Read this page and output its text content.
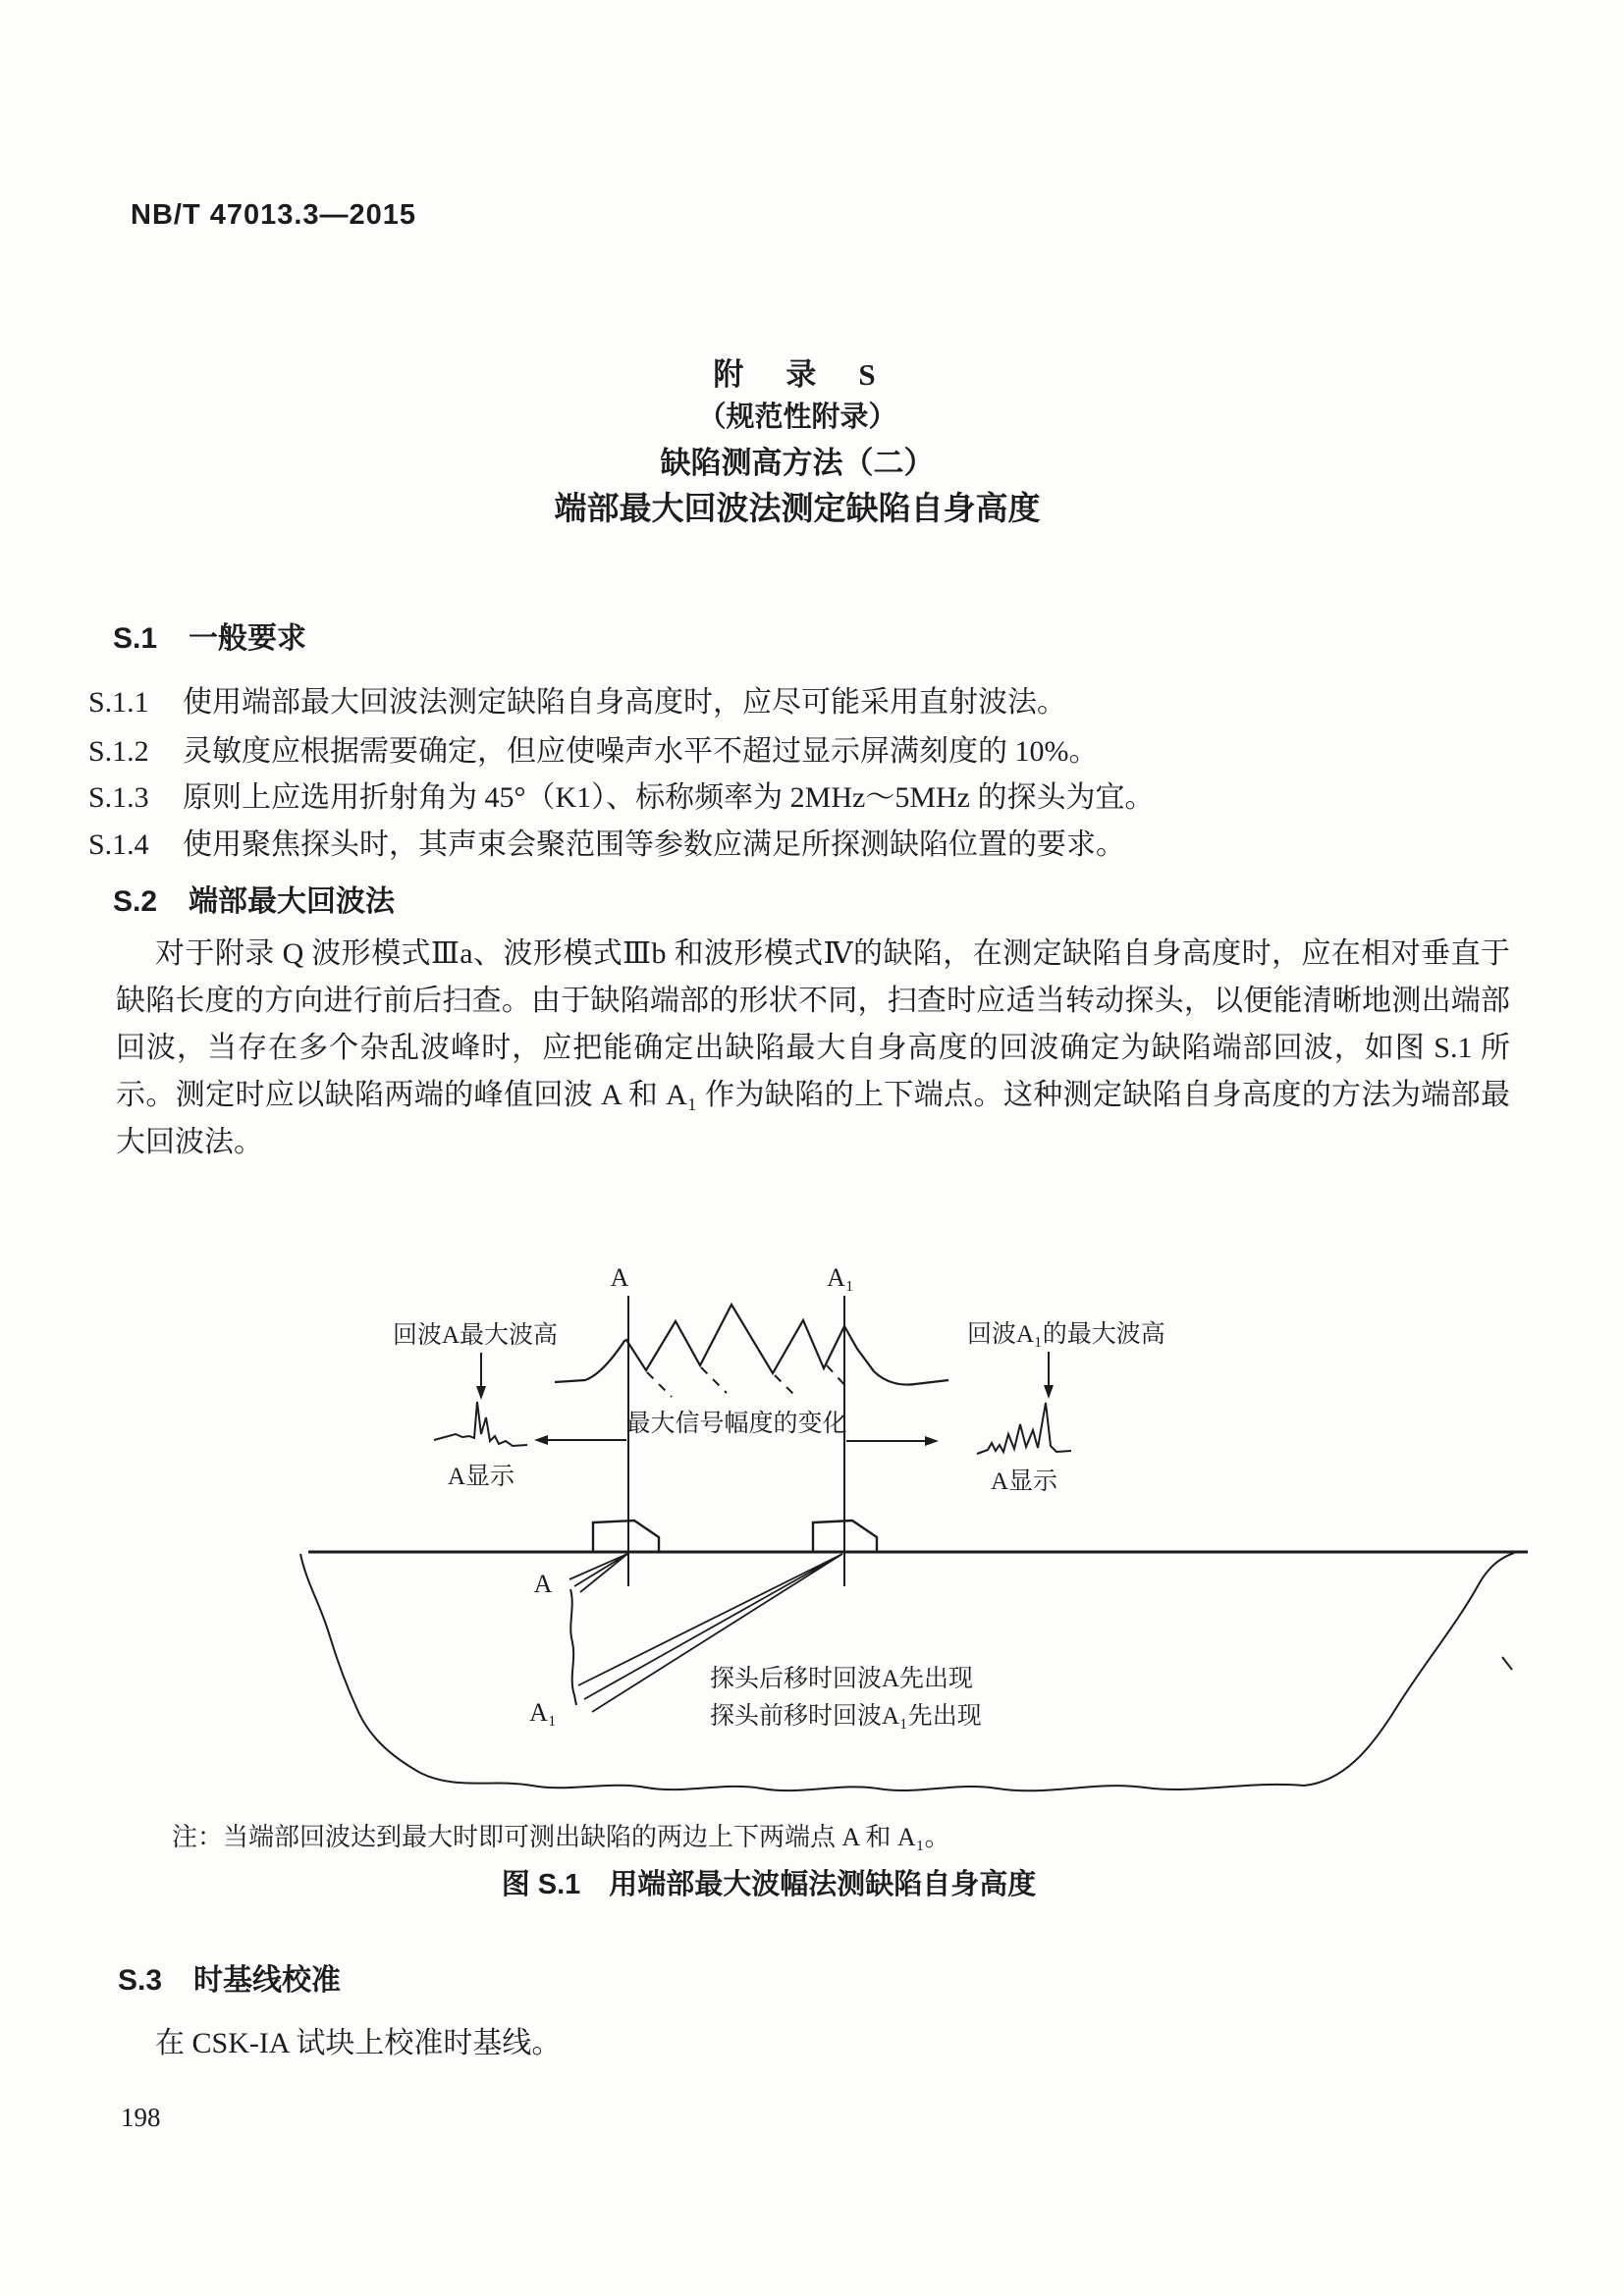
NB/T 47013.3—2015
附　录　S
（规范性附录）
缺陷测高方法（二）
端部最大回波法测定缺陷自身高度
S.1 一般要求
S.1.1 使用端部最大回波法测定缺陷自身高度时，应尽可能采用直射波法。
S.1.2 灵敏度应根据需要确定，但应使噪声水平不超过显示屏满刻度的 10%。
S.1.3 原则上应选用折射角为 45°（K1）、标称频率为 2MHz～5MHz 的探头为宜。
S.1.4 使用聚焦探头时，其声束会聚范围等参数应满足所探测缺陷位置的要求。
S.2 端部最大回波法
对于附录 Q 波形模式Ⅲa、波形模式Ⅲb 和波形模式Ⅳ的缺陷，在测定缺陷自身高度时，应在相对垂直于缺陷长度的方向进行前后扫查。由于缺陷端部的形状不同，扫查时应适当转动探头，以便能清晰地测出端部回波，当存在多个杂乱波峰时，应把能确定出缺陷最大自身高度的回波确定为缺陷端部回波，如图 S.1 所示。测定时应以缺陷两端的峰值回波 A 和 A₁ 作为缺陷的上下端点。这种测定缺陷自身高度的方法为端部最大回波法。
A	A₁
回波A最大波高
A显示
最大信号幅度的变化
回波A₁的最大波高
A显示
A
A₁
探头后移时回波A先出现
探头前移时回波A₁先出现
注：当端部回波达到最大时即可测出缺陷的两边上下两端点 A 和 A₁。
图 S.1　用端部最大波幅法测缺陷自身高度
S.3 时基线校准
在 CSK-IA 试块上校准时基线。
198
